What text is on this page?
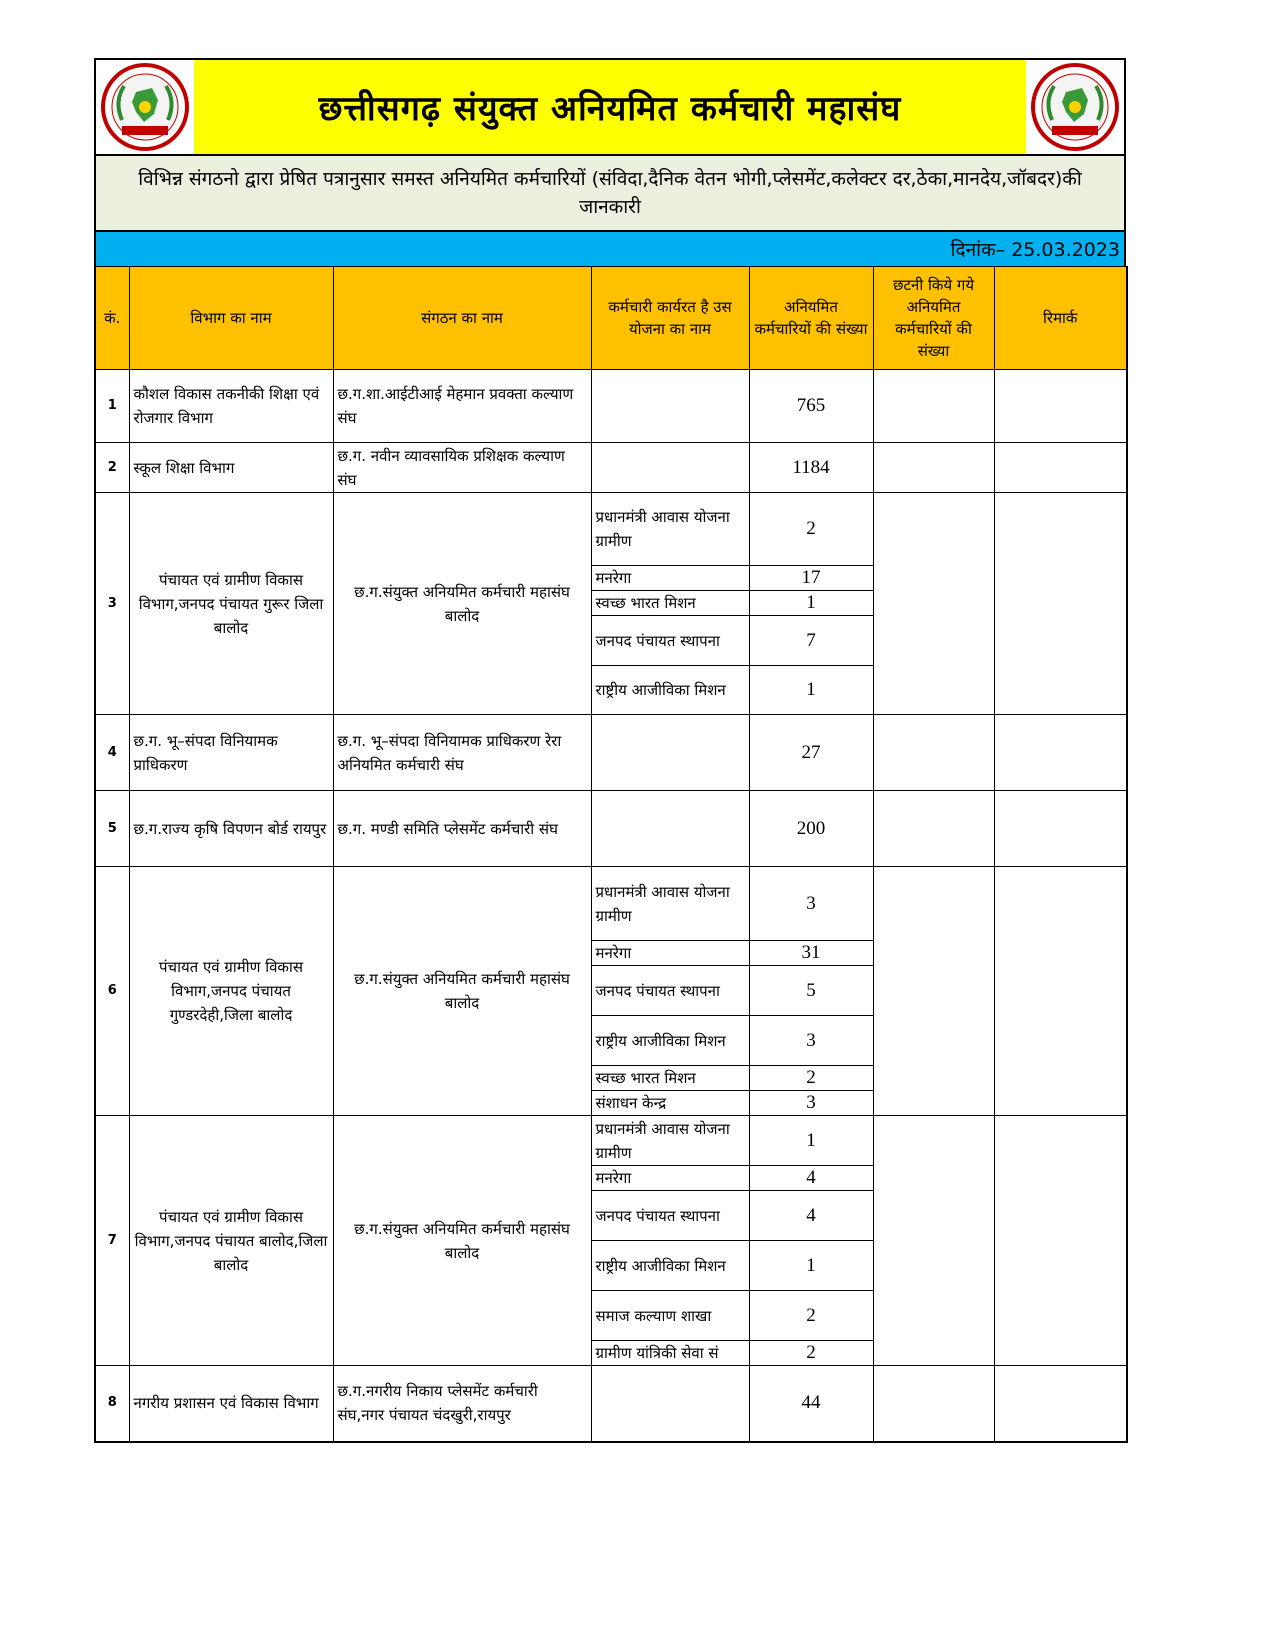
छत्तीसगढ़ संयुक्त अनियमित कर्मचारी महासंघ
विभिन्न संगठनो द्वारा प्रेषित पत्रानुसार समस्त अनियमित कर्मचारियों (संविदा,दैनिक वेतन भोगी,प्लेसमेंट,कलेक्टर दर,ठेका,मानदेय,जॉबदर)की जानकारी
दिनांक– 25.03.2023
कं.	विभाग का नाम	संगठन का नाम	कर्मचारी कार्यरत है उस योजना का नाम	अनियमित कर्मचारियों की संख्या	छटनी किये गये अनियमित कर्मचारियों की संख्या	रिमार्क
1	कौशल विकास तकनीकी शिक्षा एवं रोजगार विभाग	छ.ग.शा.आईटीआई मेहमान प्रवक्ता कल्याण संघ		765		
2	स्कूल शिक्षा विभाग	छ.ग. नवीन व्यावसायिक प्रशिक्षक कल्याण संघ		1184		
3	पंचायत एवं ग्रामीण विकास विभाग,जनपद पंचायत गुरूर जिला बालोद	छ.ग.संयुक्त अनियमित कर्मचारी महासंघ बालोद	प्रधानमंत्री आवास योजना ग्रामीण	2		
			मनरेगा	17		
			स्वच्छ भारत मिशन	1		
			जनपद पंचायत स्थापना	7		
			राष्ट्रीय आजीविका मिशन	1		
4	छ.ग. भू–संपदा विनियामक प्राधिकरण	छ.ग. भू–संपदा विनियामक प्राधिकरण रेरा अनियमित कर्मचारी संघ		27		
5	छ.ग.राज्य कृषि विपणन बोर्ड रायपुर	छ.ग. मण्डी समिति प्लेसमेंट कर्मचारी संघ		200		
6	पंचायत एवं ग्रामीण विकास विभाग,जनपद पंचायत गुण्डरदेही,जिला बालोद	छ.ग.संयुक्त अनियमित कर्मचारी महासंघ बालोद	प्रधानमंत्री आवास योजना ग्रामीण	3		
			मनरेगा	31		
			जनपद पंचायत स्थापना	5		
			राष्ट्रीय आजीविका मिशन	3		
			स्वच्छ भारत मिशन	2		
			संशाधन केन्द्र	3		
7	पंचायत एवं ग्रामीण विकास विभाग,जनपद पंचायत बालोद,जिला बालोद	छ.ग.संयुक्त अनियमित कर्मचारी महासंघ बालोद	प्रधानमंत्री आवास योजना ग्रामीण	1		
			मनरेगा	4		
			जनपद पंचायत स्थापना	4		
			राष्ट्रीय आजीविका मिशन	1		
			समाज कल्याण शाखा	2		
			ग्रामीण यांत्रिकी सेवा सं	2		
8	नगरीय प्रशासन एवं विकास विभाग	छ.ग.नगरीय निकाय प्लेसमेंट कर्मचारी संघ,नगर पंचायत चंदखुरी,रायपुर		44		
